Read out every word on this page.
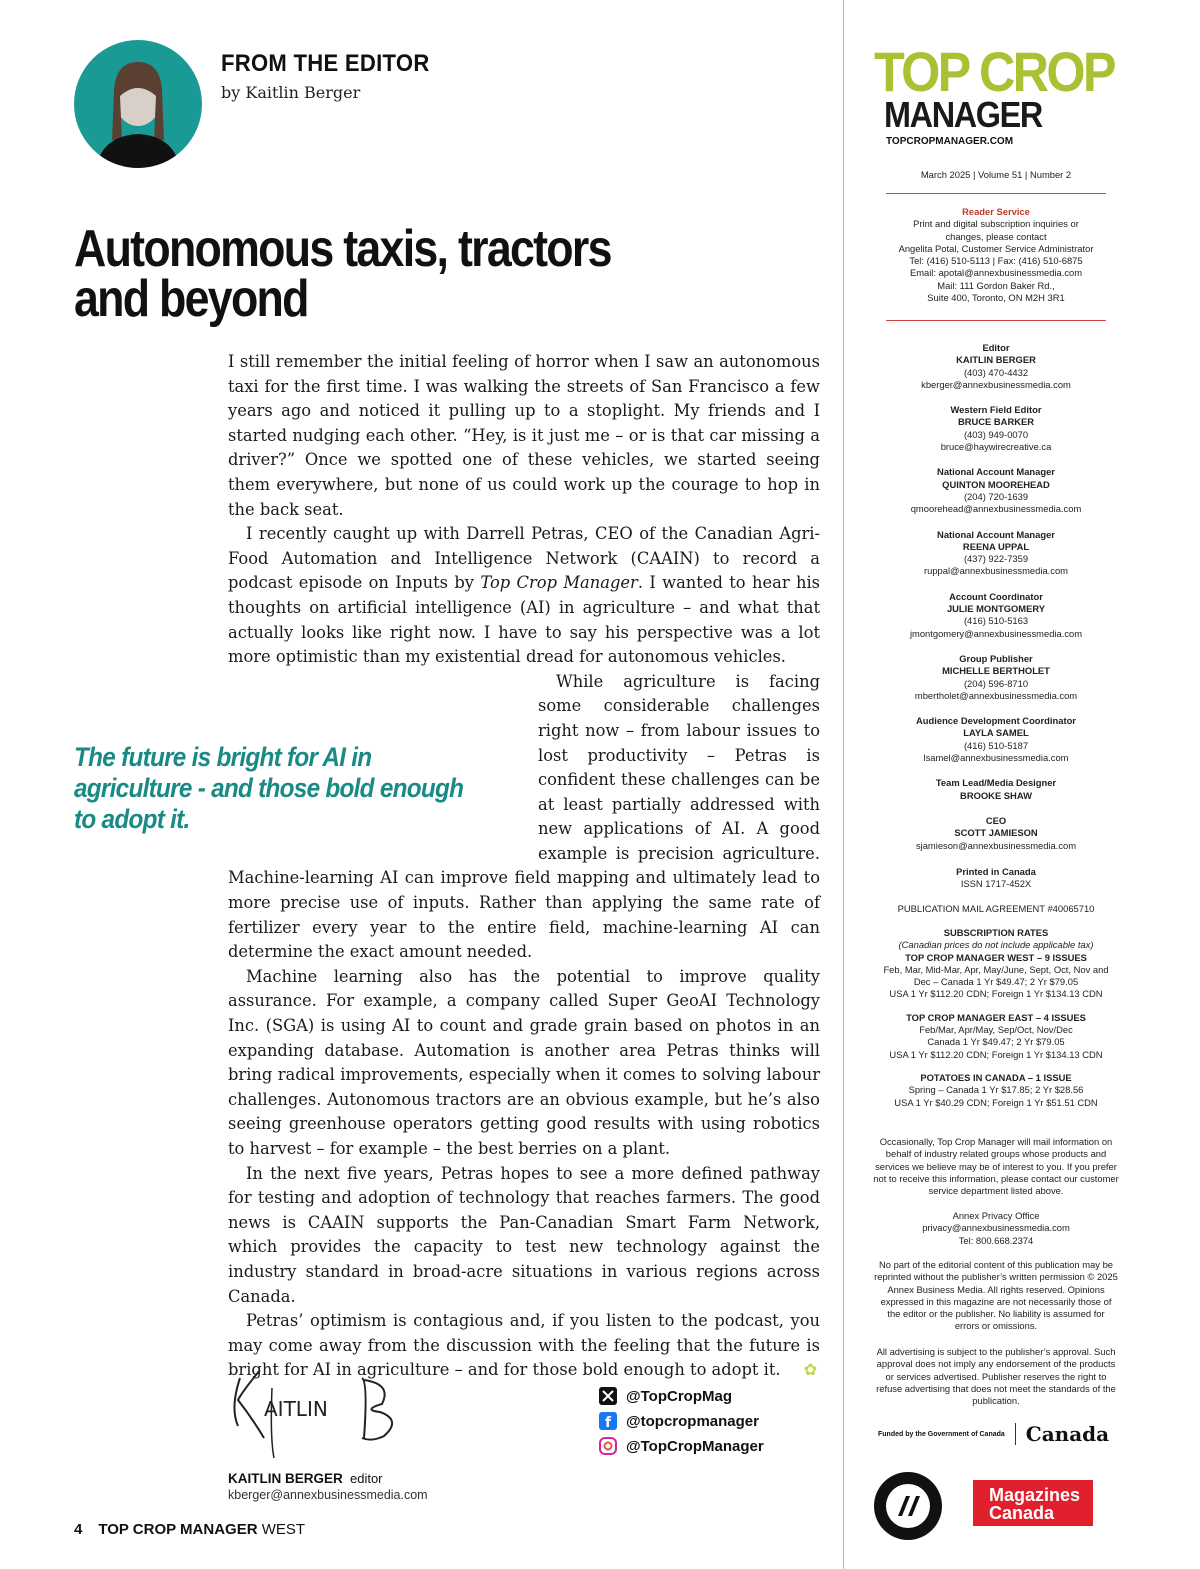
FROM THE EDITOR
by Kaitlin Berger
Autonomous taxis, tractors
and beyond

I still remember the initial feeling of horror when I saw an autonomous taxi for the first time. I was walking the streets of San Francisco a few years ago and noticed it pulling up to a stoplight. My friends and I started nudging each other. “Hey, is it just me – or is that car missing a driver?” Once we spotted one of these vehicles, we started seeing them everywhere, but none of us could work up the courage to hop in the back seat.

I recently caught up with Darrell Petras, CEO of the Canadian Agri-Food Automation and Intelligence Network (CAAIN) to record a podcast episode on Inputs by Top Crop Manager. I wanted to hear his thoughts on artificial intelligence (AI) in agriculture – and what that actually looks like right now. I have to say his perspective was a lot more optimistic than my existential dread for autonomous vehicles.

While agriculture is facing some considerable challenges right now – from labour issues to lost productivity – Petras is confident these challenges can be at least partially addressed with new applications of AI. A good example is precision agriculture. Machine-learning AI can improve field mapping and ultimately lead to more precise use of inputs. Rather than applying the same rate of fertilizer every year to the entire field, machine-learning AI can determine the exact amount needed.

Machine learning also has the potential to improve quality assurance. For example, a company called Super GeoAI Technology Inc. (SGA) is using AI to count and grade grain based on photos in an expanding database. Automation is another area Petras thinks will bring radical improvements, especially when it comes to solving labour challenges. Autonomous tractors are an obvious example, but he’s also seeing greenhouse operators getting good results with using robotics to harvest – for example – the best berries on a plant.

In the next five years, Petras hopes to see a more defined pathway for testing and adoption of technology that reaches farmers. The good news is CAAIN supports the Pan-Canadian Smart Farm Network, which provides the capacity to test new technology against the industry standard in broad-acre situations in various regions across Canada.

Petras’ optimism is contagious and, if you listen to the podcast, you may come away from the discussion with the feeling that the future is bright for AI in agriculture – and for those bold enough to adopt it. ✿

The future is bright for AI in agriculture - and those bold enough to adopt it.
AITLIN
KAITLIN BERGER editor
kberger@annexbusinessmedia.com
@TopCropMag
f @topcropmanager
@TopCropManager
4 TOP CROP MANAGER WEST
TOP CROP
MANAGER
TOPCROPMANAGER.COM
March 2025 | Volume 51 | Number 2
Reader Service
Print and digital subscription inquiries or
changes, please contact
Angelita Potal, Customer Service Administrator
Tel: (416) 510-5113 | Fax: (416) 510-6875
Email: apotal@annexbusinessmedia.com
Mail: 111 Gordon Baker Rd.,
Suite 400, Toronto, ON M2H 3R1
Editor
KAITLIN BERGER
(403) 470-4432
kberger@annexbusinessmedia.com
Western Field Editor
BRUCE BARKER
(403) 949-0070
bruce@haywirecreative.ca
National Account Manager
QUINTON MOOREHEAD
(204) 720-1639
qmoorehead@annexbusinessmedia.com
National Account Manager
REENA UPPAL
(437) 922-7359
ruppal@annexbusinessmedia.com
Account Coordinator
JULIE MONTGOMERY
(416) 510-5163
jmontgomery@annexbusinessmedia.com
Group Publisher
MICHELLE BERTHOLET
(204) 596-8710
mbertholet@annexbusinessmedia.com
Audience Development Coordinator
LAYLA SAMEL
(416) 510-5187
lsamel@annexbusinessmedia.com
Team Lead/Media Designer
BROOKE SHAW
CEO
SCOTT JAMIESON
sjamieson@annexbusinessmedia.com
Printed in Canada
ISSN 1717-452X
PUBLICATION MAIL AGREEMENT #40065710
SUBSCRIPTION RATES
(Canadian prices do not include applicable tax)
TOP CROP MANAGER WEST – 9 ISSUES
Feb, Mar, Mid-Mar, Apr, May/June, Sept, Oct, Nov and
Dec – Canada 1 Yr $49.47; 2 Yr $79.05
USA 1 Yr $112.20 CDN; Foreign 1 Yr $134.13 CDN
TOP CROP MANAGER EAST – 4 ISSUES
Feb/Mar, Apr/May, Sep/Oct, Nov/Dec
Canada 1 Yr $49.47; 2 Yr $79.05
USA 1 Yr $112.20 CDN; Foreign 1 Yr $134.13 CDN
POTATOES IN CANADA – 1 ISSUE
Spring – Canada 1 Yr $17.85; 2 Yr $28.56
USA 1 Yr $40.29 CDN; Foreign 1 Yr $51.51 CDN
Occasionally, Top Crop Manager will mail information on behalf of industry related groups whose products and services we believe may be of interest to you. If you prefer not to receive this information, please contact our customer service department listed above.
Annex Privacy Office
privacy@annexbusinessmedia.com
Tel: 800.668.2374
No part of the editorial content of this publication may be reprinted without the publisher’s written permission © 2025 Annex Business Media. All rights reserved. Opinions expressed in this magazine are not necessarily those of the editor or the publisher. No liability is assumed for errors or omissions.
All advertising is subject to the publisher’s approval. Such approval does not imply any endorsement of the products or services advertised. Publisher reserves the right to refuse advertising that does not meet the standards of the publication.
Funded by the Government of Canada Canada
Magazines
Canada
